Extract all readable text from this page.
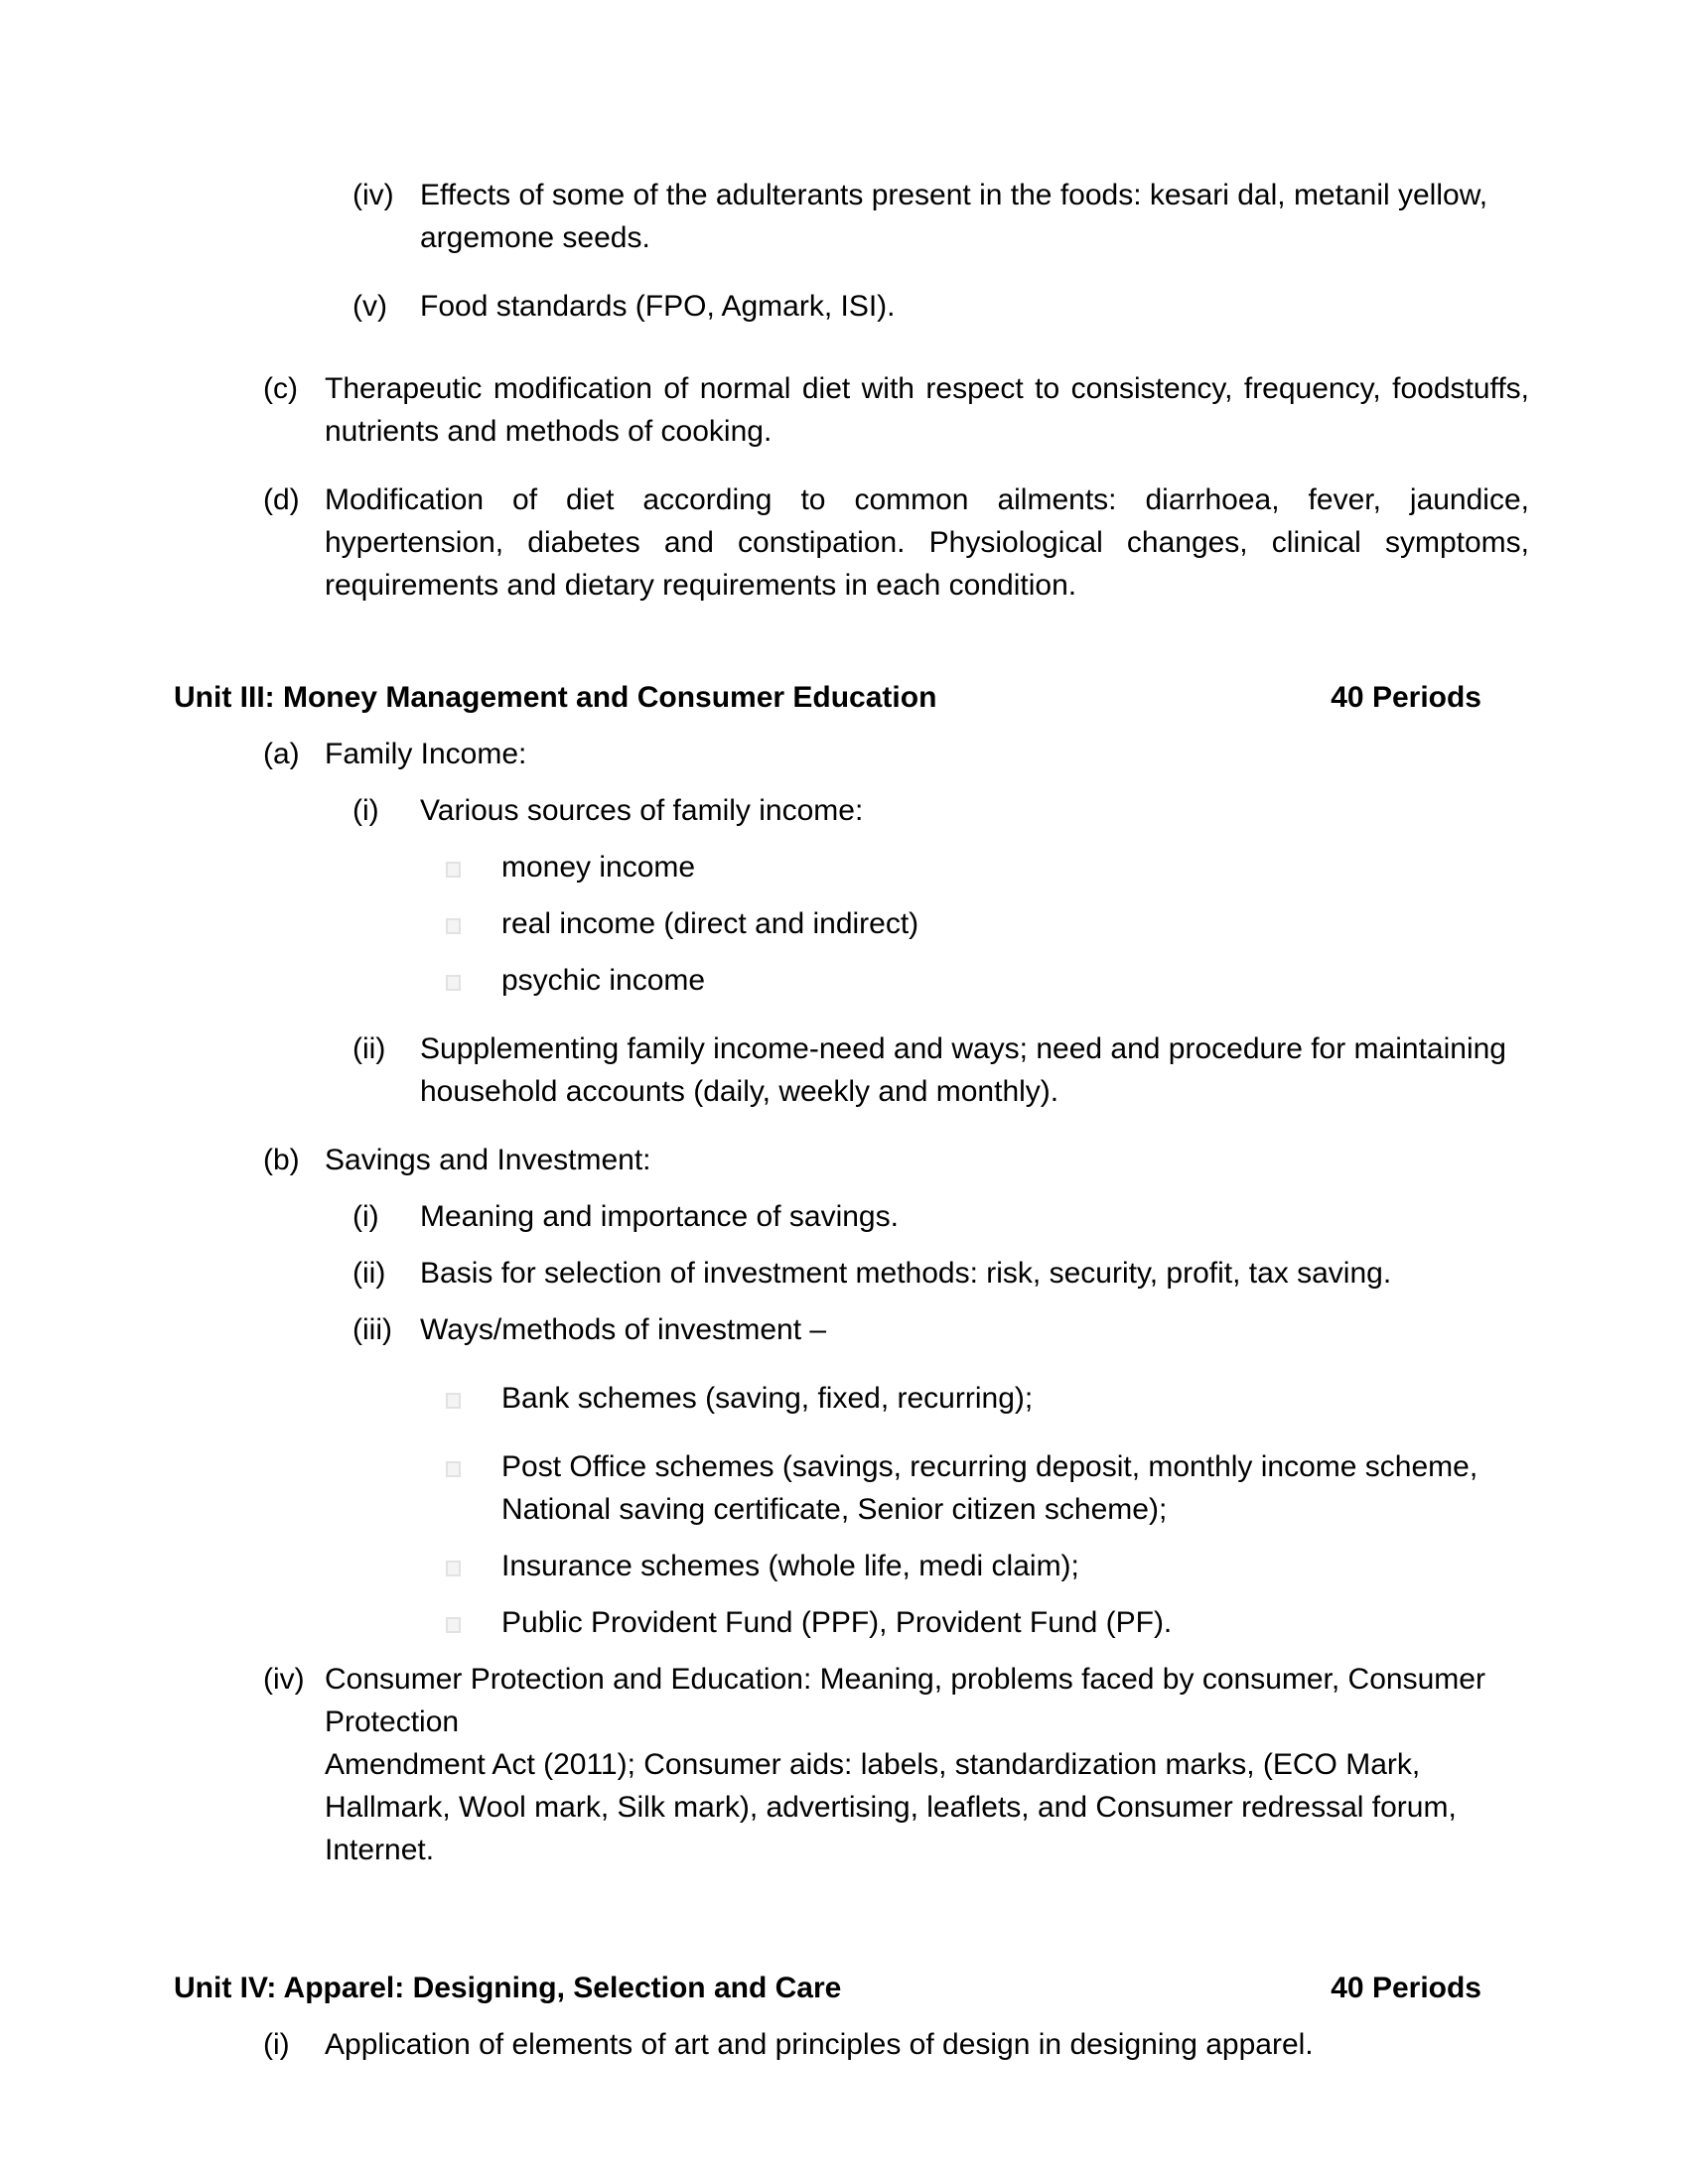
(iv) Effects of some of the adulterants present in the foods: kesari dal, metanil yellow, argemone seeds.
(v)	Food standards (FPO, Agmark, ISI).
(c) Therapeutic modification of normal diet with respect to consistency, frequency, foodstuffs, nutrients and methods of cooking.
(d) Modification of diet according to common ailments: diarrhoea, fever, jaundice, hypertension, diabetes and constipation. Physiological changes, clinical symptoms, requirements and dietary requirements in each condition.
Unit III: Money Management and Consumer Education	40 Periods
(a) Family Income:
(i)	Various sources of family income:
money income
real income (direct and indirect)
psychic income
(ii)	Supplementing family income-need and ways; need and procedure for maintaining household accounts (daily, weekly and monthly).
(b) Savings and Investment:
(i)	Meaning and importance of savings.
(ii)	Basis for selection of investment methods: risk, security, profit, tax saving.
(iii) Ways/methods of investment –
Bank schemes (saving, fixed, recurring);
Post Office schemes (savings, recurring deposit, monthly income scheme, National saving certificate, Senior citizen scheme);
Insurance schemes (whole life, medi claim);
Public Provident Fund (PPF), Provident Fund (PF).
(iv) Consumer Protection and Education: Meaning, problems faced by consumer, Consumer Protection
Amendment Act (2011); Consumer aids: labels, standardization marks, (ECO Mark, Hallmark, Wool mark, Silk mark), advertising, leaflets, and Consumer redressal forum, Internet.
Unit IV: Apparel: Designing, Selection and Care	40 Periods
(i)	Application of elements of art and principles of design in designing apparel.
